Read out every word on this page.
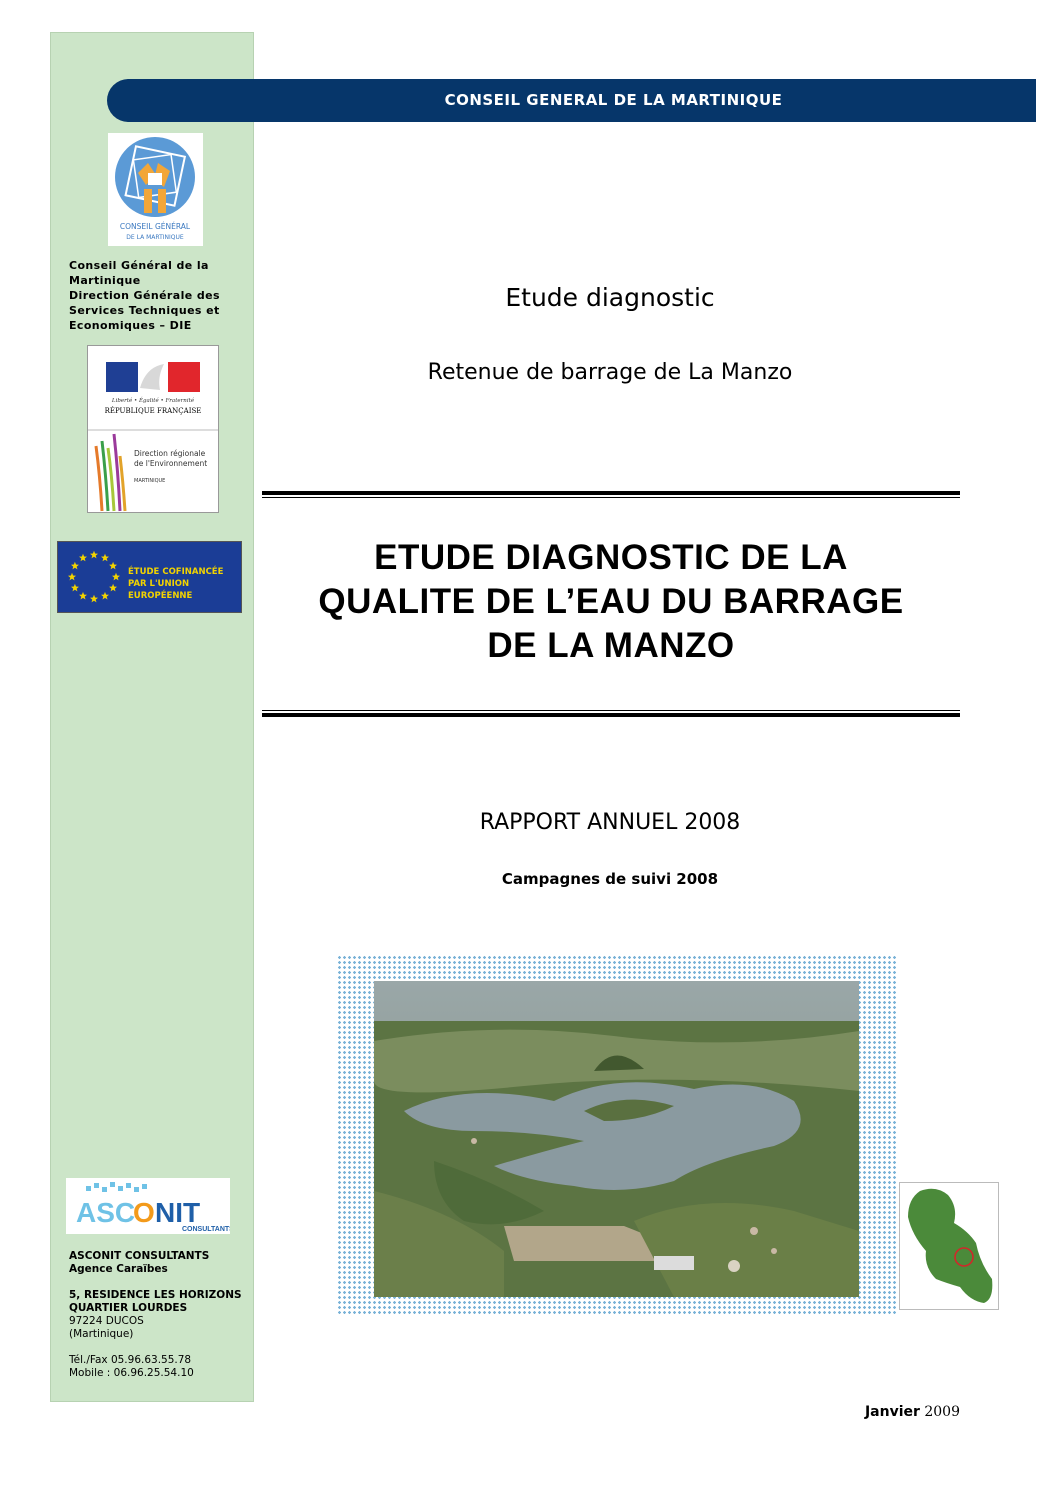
CONSEIL GENERAL DE LA MARTINIQUE
CONSEIL GÉNÉRAL
DE LA MARTINIQUE
Conseil Général de la
Martinique
Direction Générale des
Services Techniques et
Economiques – DIE
Liberté • Égalité • Fraternité
RÉPUBLIQUE FRANÇAISE
Direction régionale
de l'Environnement
MARTINIQUE
ÉTUDE COFINANCÉE
PAR L'UNION EUROPÉENNE
ASC
O NIT
CONSULTANTS
ASCONIT CONSULTANTS
Agence Caraïbes
5, RESIDENCE LES HORIZONS
QUARTIER LOURDES
97224 DUCOS
(Martinique)
Tél./Fax 05.96.63.55.78
Mobile : 06.96.25.54.10
Etude diagnostic
Retenue de barrage de La Manzo
ETUDE DIAGNOSTIC DE LA
QUALITE DE L’EAU DU BARRAGE
DE LA MANZO
RAPPORT ANNUEL 2008
Campagnes de suivi 2008
Janvier 2009
